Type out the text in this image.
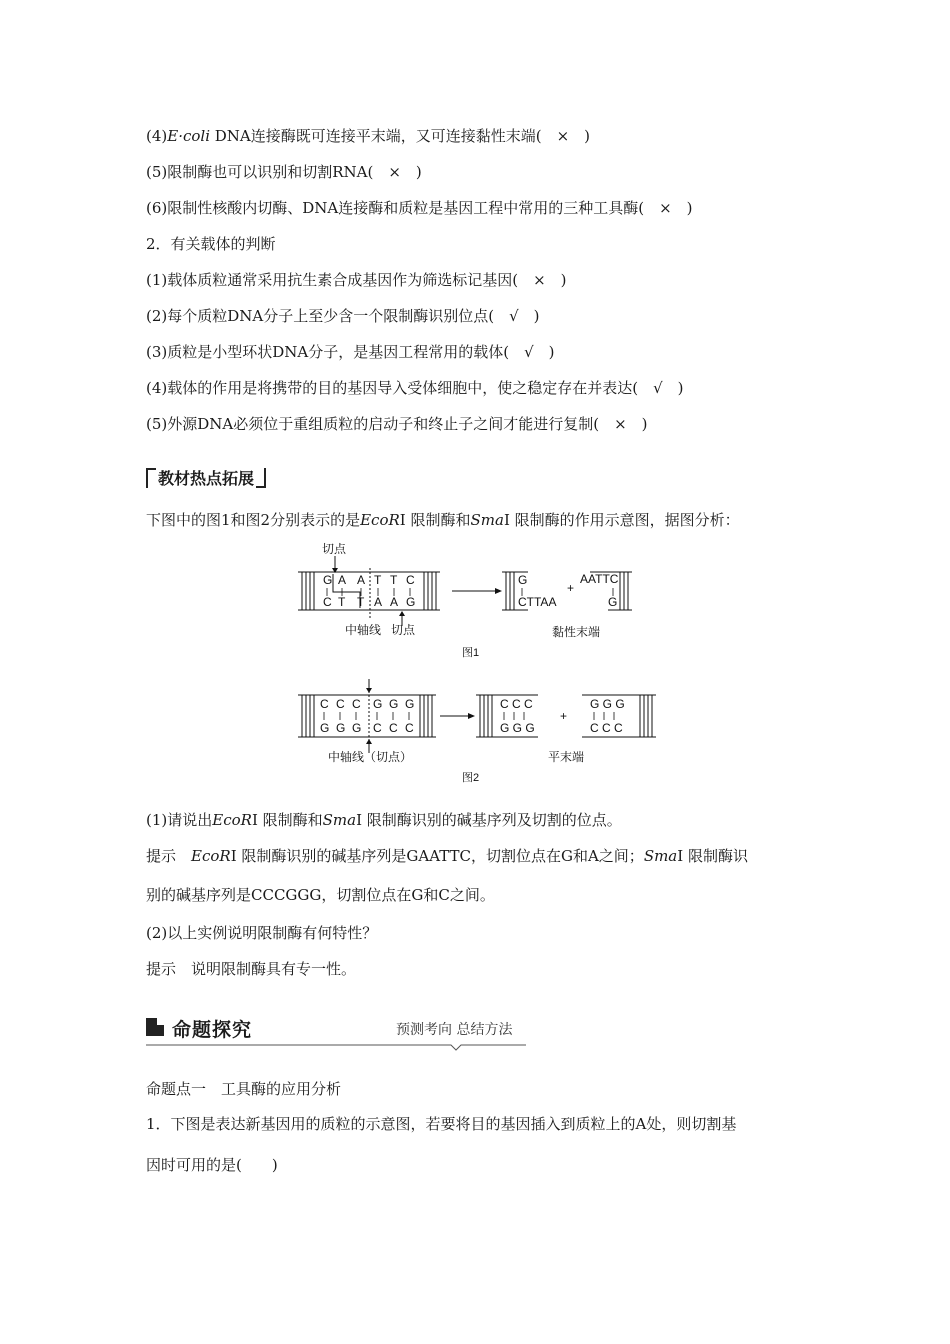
(4)E·coli DNA连接酶既可连接平末端，又可连接黏性末端(　×　)
(5)限制酶也可以识别和切割RNA(　×　)
(6)限制性核酸内切酶、DNA连接酶和质粒是基因工程中常用的三种工具酶(　×　)
2．有关载体的判断
(1)载体质粒通常采用抗生素合成基因作为筛选标记基因(　×　)
(2)每个质粒DNA分子上至少含一个限制酶识别位点(　√　)
(3)质粒是小型环状DNA分子，是基因工程常用的载体(　√　)
(4)载体的作用是将携带的目的基因导入受体细胞中，使之稳定存在并表达(　√　)
(5)外源DNA必须位于重组质粒的启动子和终止子之间才能进行复制(　×　)
教材热点拓展
下图中的图1和图2分别表示的是EcoRⅠ 限制酶和SmaⅠ 限制酶的作用示意图，据图分析：
切点
G A A T T C
C T T A A G
中轴线 切点
G
CTTAA
+
AATTC
G
黏性末端
图1
C C C G G G
G G G C C C
中轴线（切点）
C C C
G G G
+
G G G
C C C
平末端
图2
(1)请说出EcoRⅠ 限制酶和SmaⅠ 限制酶识别的碱基序列及切割的位点。
提示　EcoRⅠ 限制酶识别的碱基序列是GAATTC，切割位点在G和A之间；SmaⅠ 限制酶识
别的碱基序列是CCCGGG，切割位点在G和C之间。
(2)以上实例说明限制酶有何特性？
提示　说明限制酶具有专一性。
命题探究	预测考向 总结方法
命题点一　工具酶的应用分析
1．下图是表达新基因用的质粒的示意图，若要将目的基因插入到质粒上的A处，则切割基
因时可用的是(　　)
